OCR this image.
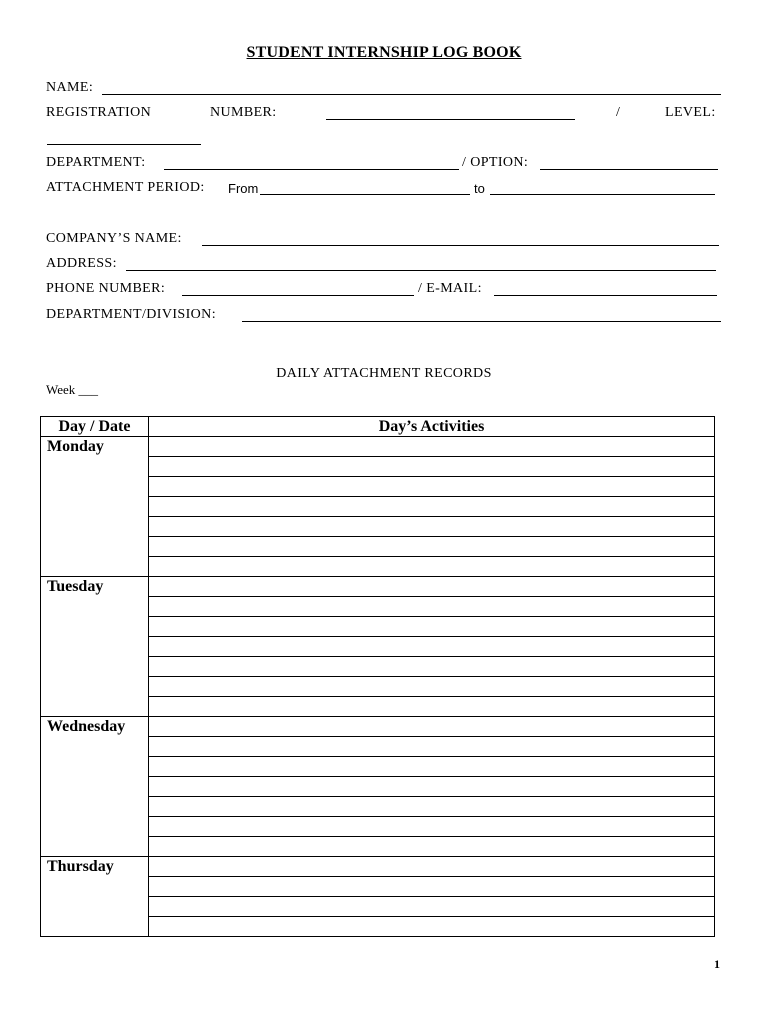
STUDENT INTERNSHIP LOG BOOK
NAME:
REGISTRATION	NUMBER:	/	LEVEL:
DEPARTMENT:	/ OPTION:
ATTACHMENT PERIOD: From	to
COMPANY’S NAME:
ADDRESS:
PHONE NUMBER:	/ E-MAIL:
DEPARTMENT/DIVISION:
DAILY ATTACHMENT RECORDS
Week ___
Day / Date	Day’s Activities
Monday	

Tuesday	

Wednesday	

Thursday	

1
